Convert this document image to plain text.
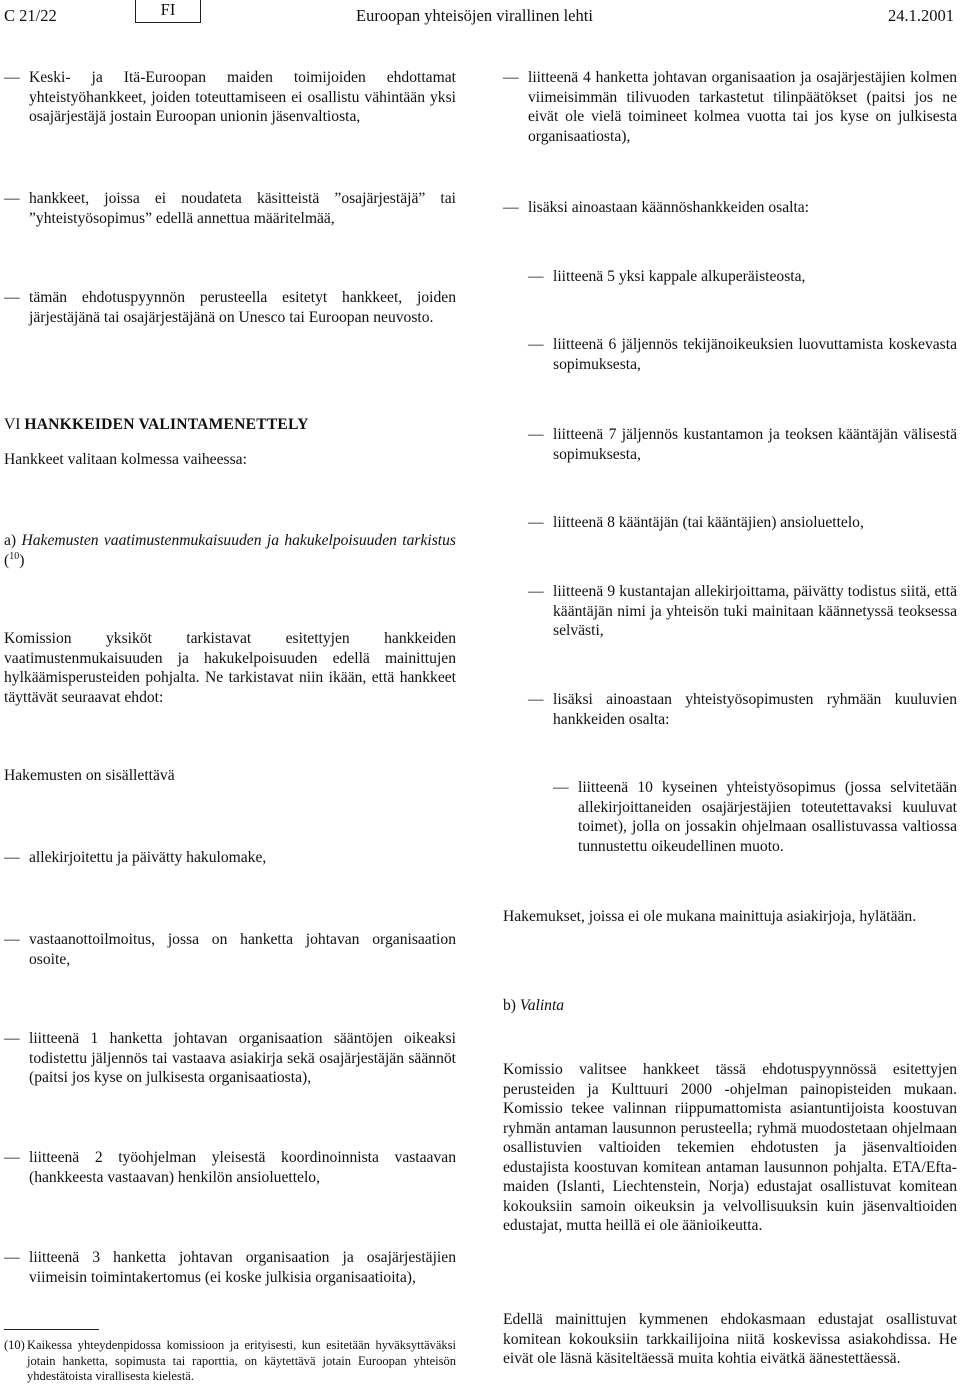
C 21/22	FI	Euroopan yhteisöjen virallinen lehti	24.1.2001
—
Keski- ja Itä-Euroopan maiden toimijoiden ehdottamat yhteistyöhankkeet, joiden toteuttamiseen ei osallistu vähintään yksi osajärjestäjä jostain Euroopan unionin jäsenvaltiosta,
—
hankkeet, joissa ei noudateta käsitteistä ”osajärjestäjä” tai ”yhteistyösopimus” edellä annettua määritelmää,
—
tämän ehdotuspyynnön perusteella esitetyt hankkeet, joiden järjestäjänä tai osajärjestäjänä on Unesco tai Euroopan neuvosto.
VI HANKKEIDEN VALINTAMENETTELY
Hankkeet valitaan kolmessa vaiheessa:
a) Hakemusten vaatimustenmukaisuuden ja hakukelpoisuuden tarkistus ($^{10}$)
Komission yksiköt tarkistavat esitettyjen hankkeiden vaatimustenmukaisuuden ja hakukelpoisuuden edellä mainittujen hylkäämisperusteiden pohjalta. Ne tarkistavat niin ikään, että hankkeet täyttävät seuraavat ehdot:
Hakemusten on sisällettävä
—
allekirjoitettu ja päivätty hakulomake,
—
vastaanottoilmoitus, jossa on hanketta johtavan organisaation osoite,
—
liitteenä 1 hanketta johtavan organisaation sääntöjen oikeaksi todistettu jäljennös tai vastaava asiakirja sekä osajärjestäjän säännöt (paitsi jos kyse on julkisesta organisaatiosta),
—
liitteenä 2 työohjelman yleisestä koordinoinnista vastaavan (hankkeesta vastaavan) henkilön ansioluettelo,
—
liitteenä 3 hanketta johtavan organisaation ja osajärjestäjien viimeisin toimintakertomus (ei koske julkisia organisaatioita),
(10) Kaikessa yhteydenpidossa komissioon ja erityisesti, kun esitetään hyväksyttäväksi jotain hanketta, sopimusta tai raporttia, on käytettävä jotain Euroopan yhteisön yhdestätoista virallisesta kielestä.
—
liitteenä 4 hanketta johtavan organisaation ja osajärjestäjien kolmen viimeisimmän tilivuoden tarkastetut tilinpäätökset (paitsi jos ne eivät ole vielä toimineet kolmea vuotta tai jos kyse on julkisesta organisaatiosta),
—
lisäksi ainoastaan käännöshankkeiden osalta:
—
liitteenä 5 yksi kappale alkuperäisteosta,
—
liitteenä 6 jäljennös tekijänoikeuksien luovuttamista koskevasta sopimuksesta,
—
liitteenä 7 jäljennös kustantamon ja teoksen kääntäjän välisestä sopimuksesta,
—
liitteenä 8 kääntäjän (tai kääntäjien) ansioluettelo,
—
liitteenä 9 kustantajan allekirjoittama, päivätty todistus siitä, että kääntäjän nimi ja yhteisön tuki mainitaan käännetyssä teoksessa selvästi,
—
lisäksi ainoastaan yhteistyösopimusten ryhmään kuuluvien hankkeiden osalta:
—
liitteenä 10 kyseinen yhteistyösopimus (jossa selvitetään allekirjoittaneiden osajärjestäjien toteutettavaksi kuuluvat toimet), jolla on jossakin ohjelmaan osallistuvassa valtiossa tunnustettu oikeudellinen muoto.
Hakemukset, joissa ei ole mukana mainittuja asiakirjoja, hylätään.
b) Valinta
Komissio valitsee hankkeet tässä ehdotuspyynnössä esitettyjen perusteiden ja Kulttuuri 2000 -ohjelman painopisteiden mukaan. Komissio tekee valinnan riippumattomista asiantuntijoista koostuvan ryhmän antaman lausunnon perusteella; ryhmä muodostetaan ohjelmaan osallistuvien valtioiden tekemien ehdotusten ja jäsenvaltioiden edustajista koostuvan komitean antaman lausunnon pohjalta. ETA/Efta-maiden (Islanti, Liechtenstein, Norja) edustajat osallistuvat komitean kokouksiin samoin oikeuksin ja velvollisuuksin kuin jäsenvaltioiden edustajat, mutta heillä ei ole äänioikeutta.
Edellä mainittujen kymmenen ehdokasmaan edustajat osallistuvat komitean kokouksiin tarkkailijoina niitä koskevissa asiakohdissa. He eivät ole läsnä käsiteltäessä muita kohtia eivätkä äänestettäessä.
